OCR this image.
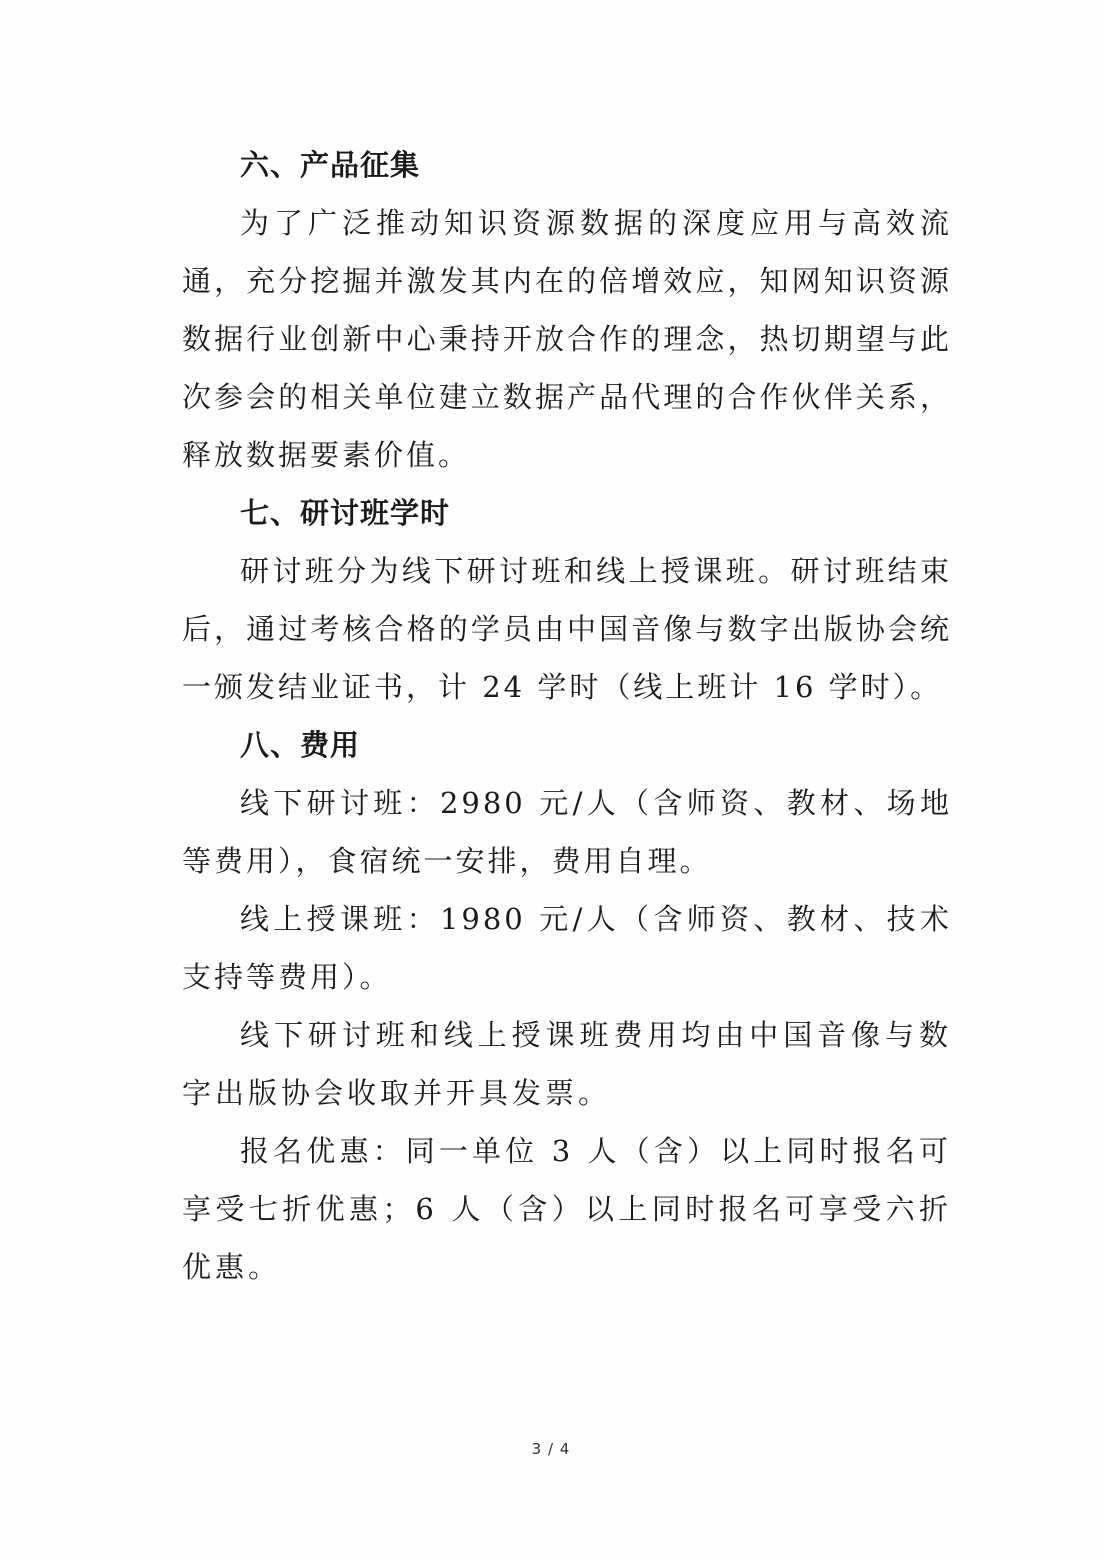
六、产品征集

为了广泛推动知识资源数据的深度应用与高效流通，充分挖掘并激发其内在的倍增效应，知网知识资源数据行业创新中心秉持开放合作的理念，热切期望与此次参会的相关单位建立数据产品代理的合作伙伴关系，释放数据要素价值。

七、研讨班学时

研讨班分为线下研讨班和线上授课班。研讨班结束后，通过考核合格的学员由中国音像与数字出版协会统一颁发结业证书，计 24 学时（线上班计 16 学时）。

八、费用

线下研讨班：2980 元/人（含师资、教材、场地等费用），食宿统一安排，费用自理。

线上授课班：1980 元/人（含师资、教材、技术支持等费用）。

线下研讨班和线上授课班费用均由中国音像与数字出版协会收取并开具发票。

报名优惠：同一单位 3 人（含）以上同时报名可享受七折优惠；6 人（含）以上同时报名可享受六折优惠。

3 / 4
